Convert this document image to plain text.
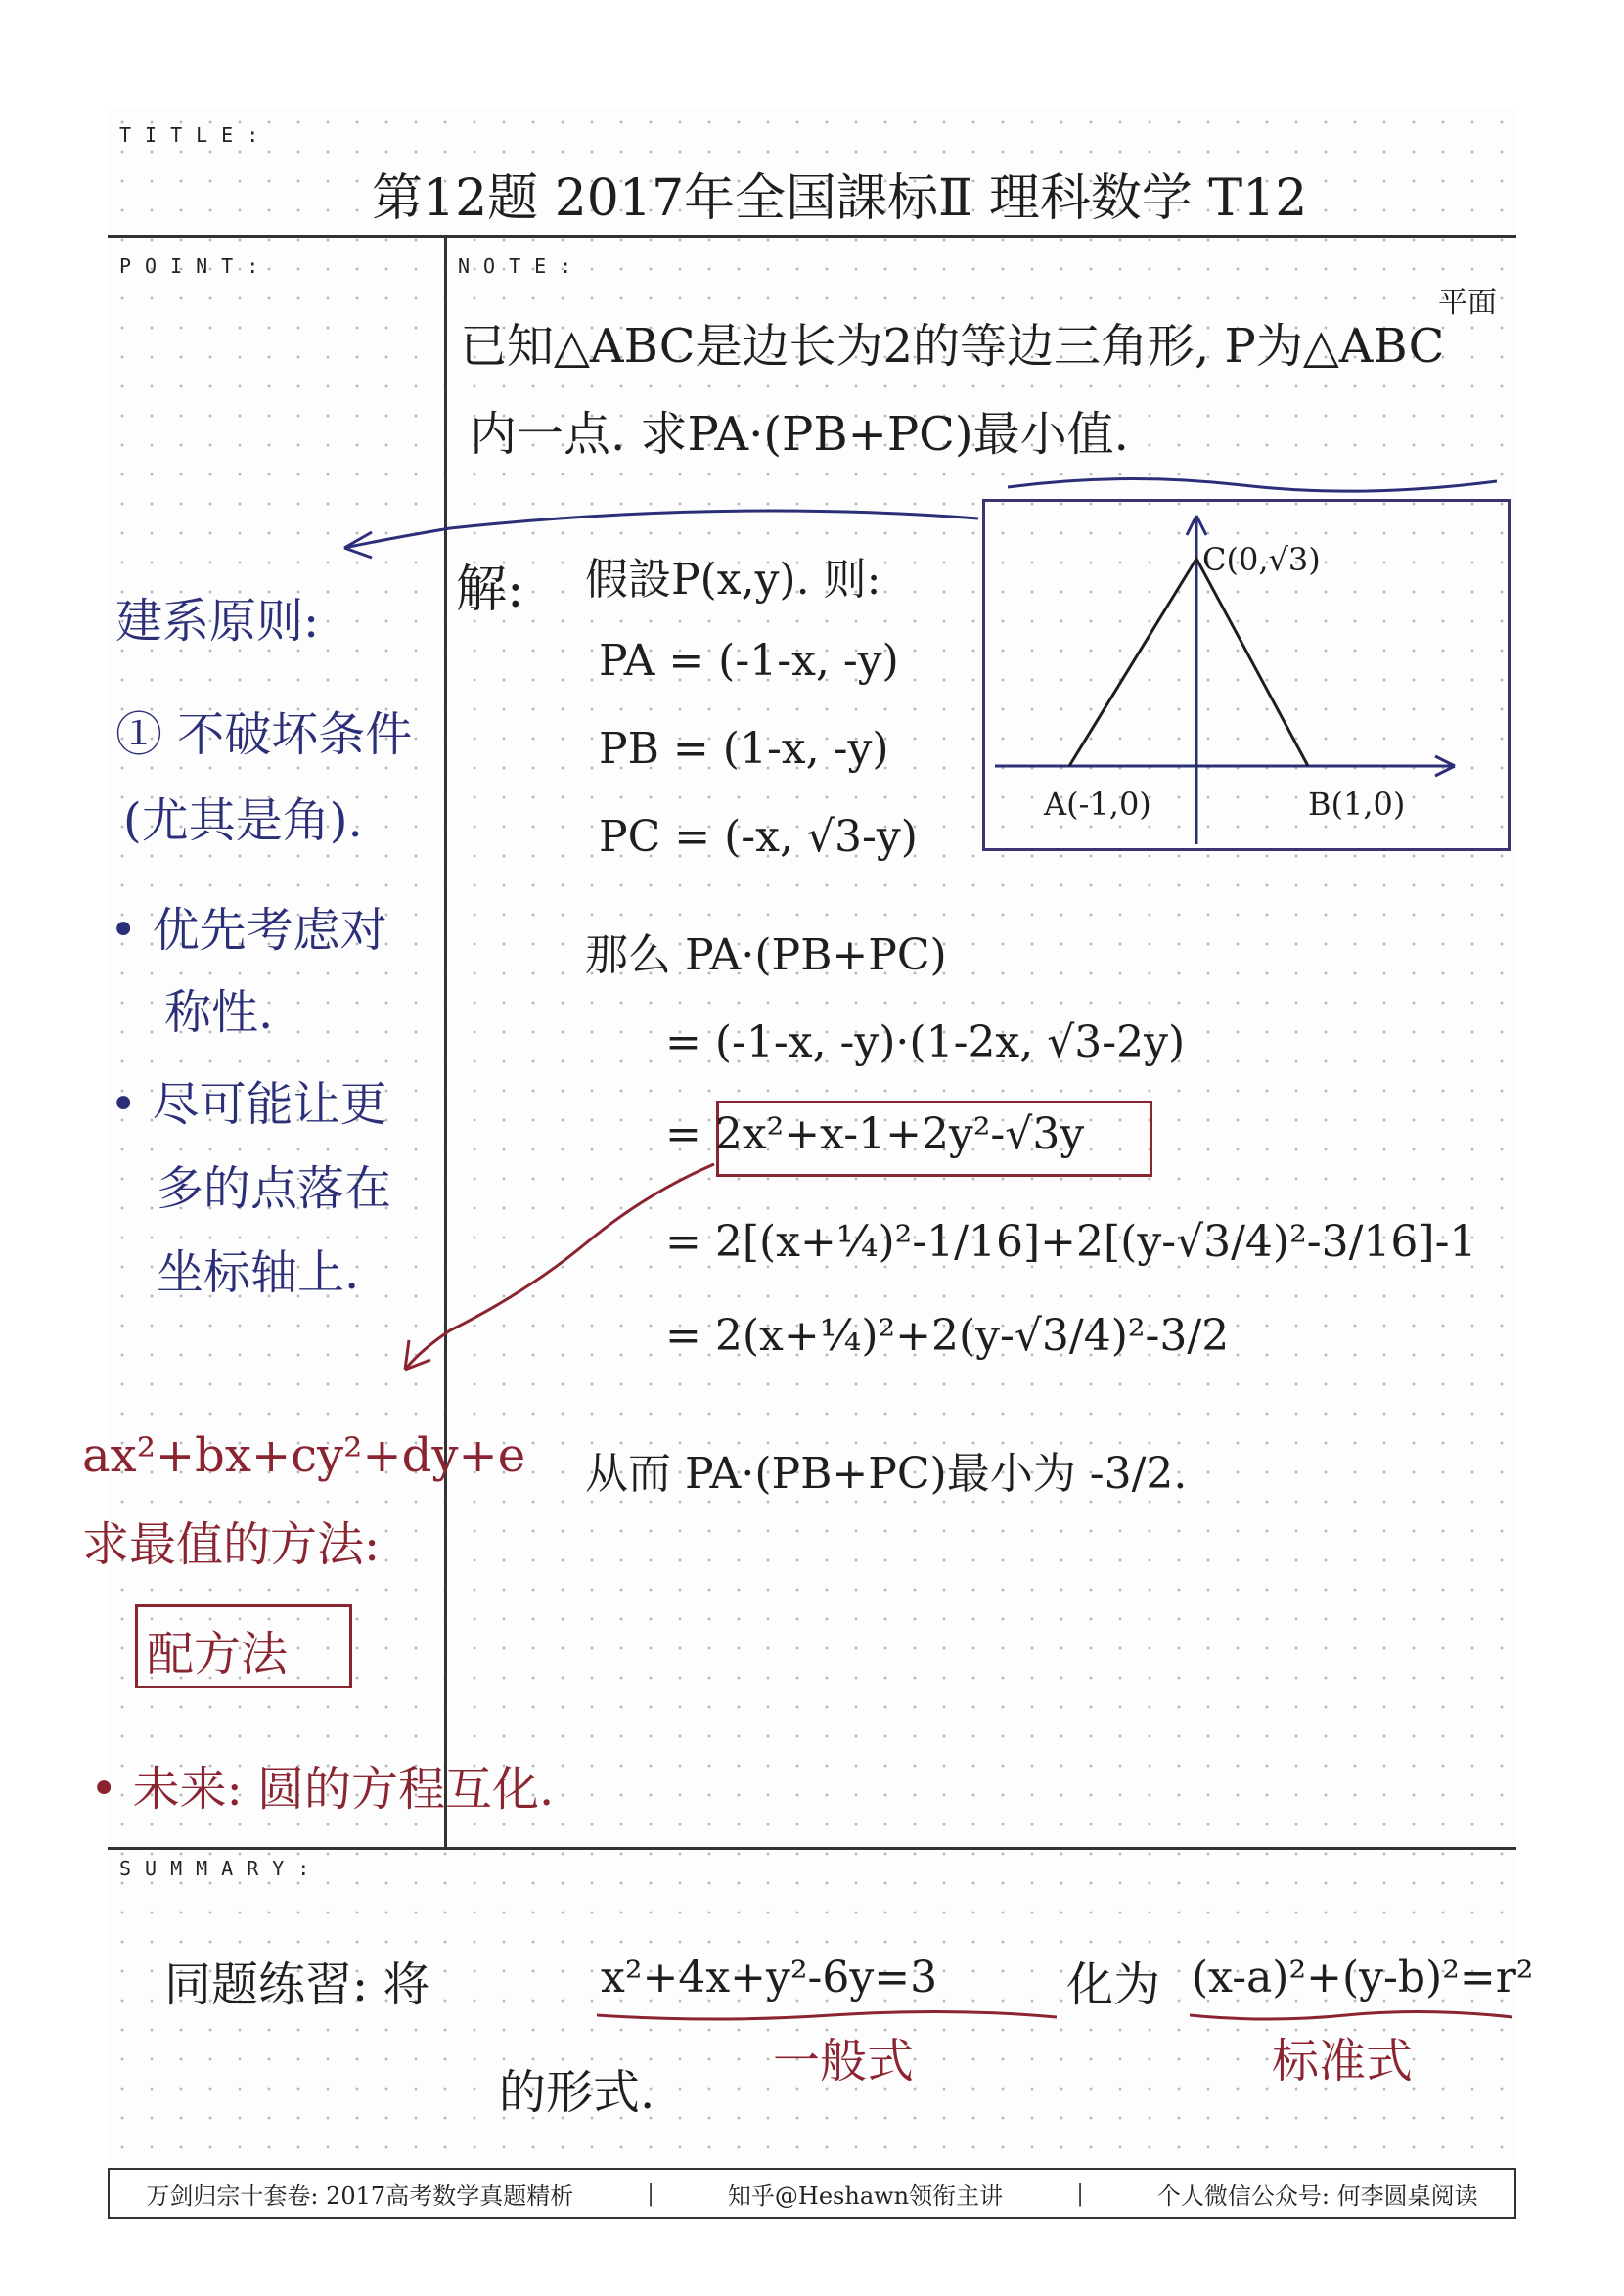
TITLE:
第12题 2017年全国課标Ⅱ 理科数学 T12
POINT:	NOTE:
已知△ABC是边长为2的等边三角形, P为△ABC
平面
内一点. 求PA·(PB+PC)最小值.
解: 假設P(x,y). 则:
PA = (-1-x, -y)
PB = (1-x, -y)
PC = (-x, √3-y)
那么 PA·(PB+PC)
= (-1-x, -y)·(1-2x, √3-2y)
= 2x²+x-1+2y²-√3y
= 2[(x+¼)²-1/16]+2[(y-√3/4)²-3/16]-1
= 2(x+¼)²+2(y-√3/4)²-3/2
从而 PA·(PB+PC)最小为 -3/2.
C(0,√3)
A(-1,0)	B(1,0)
建系原则:
① 不破坏条件
(尤其是角).
• 优先考虑对
称性.
• 尽可能让更
多的点落在
坐标轴上.
ax²+bx+cy²+dy+e
求最值的方法:
配方法
• 未来: 圆的方程互化.
SUMMARY:
同题练習: 将	x²+4x+y²-6y=3	化为 (x-a)²+(y-b)²=r²
的形式.
一般式	标准式
万剑归宗十套卷: 2017高考数学真题精析	|	知乎@Heshawn领衔主讲	|	个人微信公众号: 何李圆桌阅读
